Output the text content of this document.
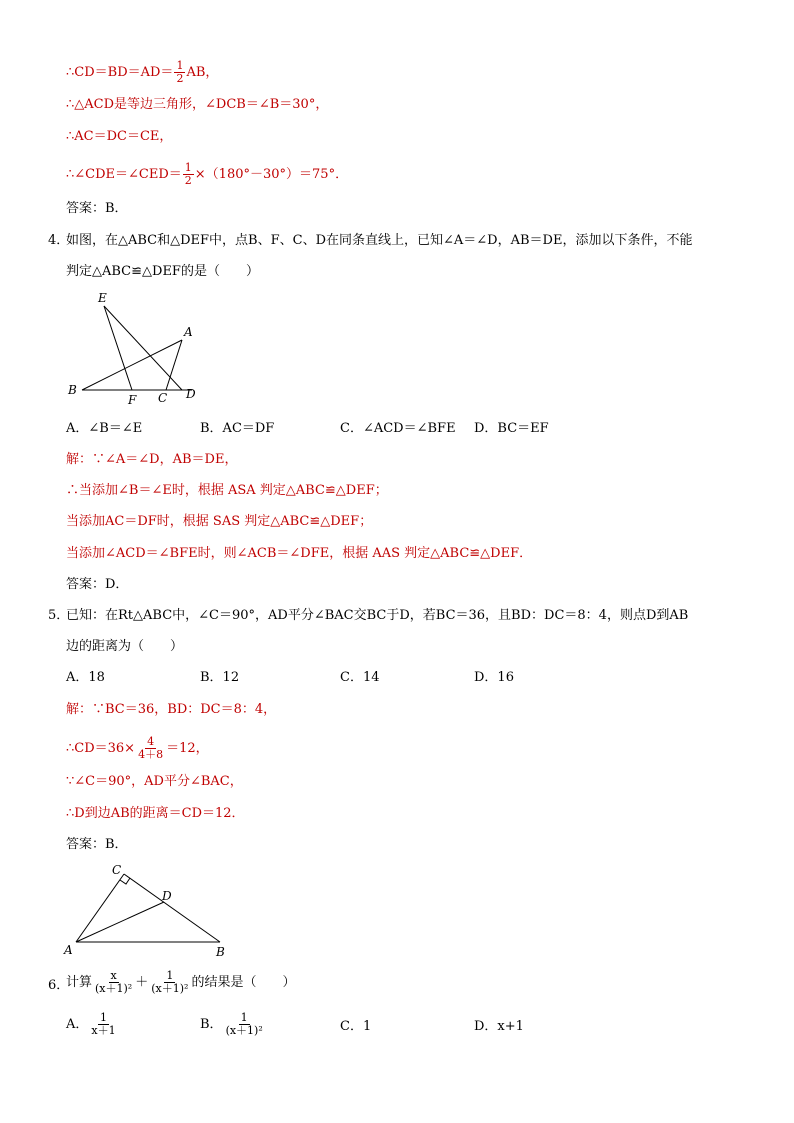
∴CD＝BD＝AD＝ $\frac{1}{2}$ AB，
∴△ACD是等边三角形，∠DCB＝∠B＝30°，
∴AC＝DC＝CE，
∴∠CDE＝∠CED＝ $\frac{1}{2} \times(180^\circ-30^\circ)=75^\circ$．
答案：B．
4．
如图，在△ABC和△DEF中，点B、F、C、D在同条直线上，已知∠A＝∠D，AB＝DE，添加以下条件，不能
判定△ABC≌△DEF的是（　　）
E
A
B
F C D
A．∠B＝∠E	B．AC＝DF	C．∠ACD＝∠BFE D．BC＝EF
解：∵∠A＝∠D，AB＝DE，
∴当添加∠B＝∠E时，根据 ASA 判定△ABC≌△DEF；
当添加AC＝DF时，根据 SAS 判定△ABC≌△DEF；
当添加∠ACD＝∠BFE时，则∠ACB＝∠DFE，根据 AAS 判定△ABC≌△DEF．
答案：D．
5．
已知：在Rt△ABC中，∠C＝90°，AD平分∠BAC交BC于D，若BC＝36，且BD：DC＝8：4，则点D到AB
边的距离为（　　）
A．18	B．12	C．14	D．16
解：∵BC＝36，BD：DC＝8：4，
∴CD＝36× $\frac{4}{4+8} =12$，
∵∠C＝90°，AD平分∠BAC，
∴D到边AB的距离＝CD＝12．
答案：B．
C
D
A	B
6．
计算 $\frac{x}{\text{(x＋1)²}} + \frac{1}{\text{(x＋1)²}}$ 的结果是（　　）
A． $\frac{1}{x+1}$	B． $\frac{1}{\text{(x＋1)²}}$	C．1	D．x+1
